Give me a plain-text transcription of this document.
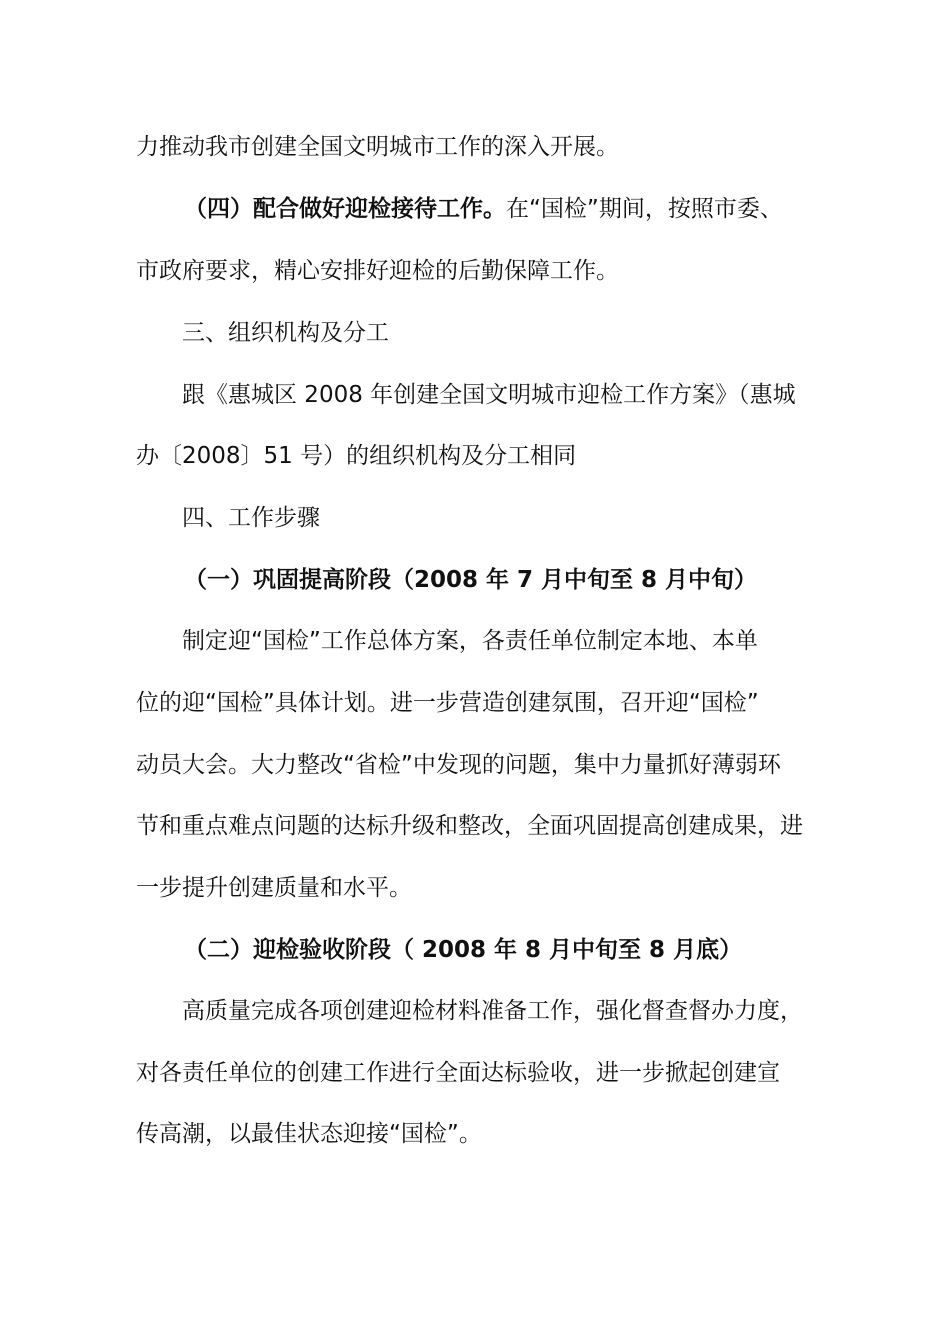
力推动我市创建全国文明城市工作的深入开展。
（四）配合做好迎检接待工作。在“国检”期间，按照市委、
市政府要求，精心安排好迎检的后勤保障工作。
三、组织机构及分工
跟《惠城区 2008 年创建全国文明城市迎检工作方案》（惠城
办〔2008〕51 号）的组织机构及分工相同
四、工作步骤
（一）巩固提高阶段（2008 年 7 月中旬至 8 月中旬）
制定迎“国检”工作总体方案，各责任单位制定本地、本单
位的迎“国检”具体计划。进一步营造创建氛围，召开迎“国检”
动员大会。大力整改“省检”中发现的问题，集中力量抓好薄弱环
节和重点难点问题的达标升级和整改，全面巩固提高创建成果，进
一步提升创建质量和水平。
（二）迎检验收阶段（ 2008 年 8 月中旬至 8 月底）
高质量完成各项创建迎检材料准备工作，强化督查督办力度，
对各责任单位的创建工作进行全面达标验收，进一步掀起创建宣
传高潮，以最佳状态迎接“国检”。
